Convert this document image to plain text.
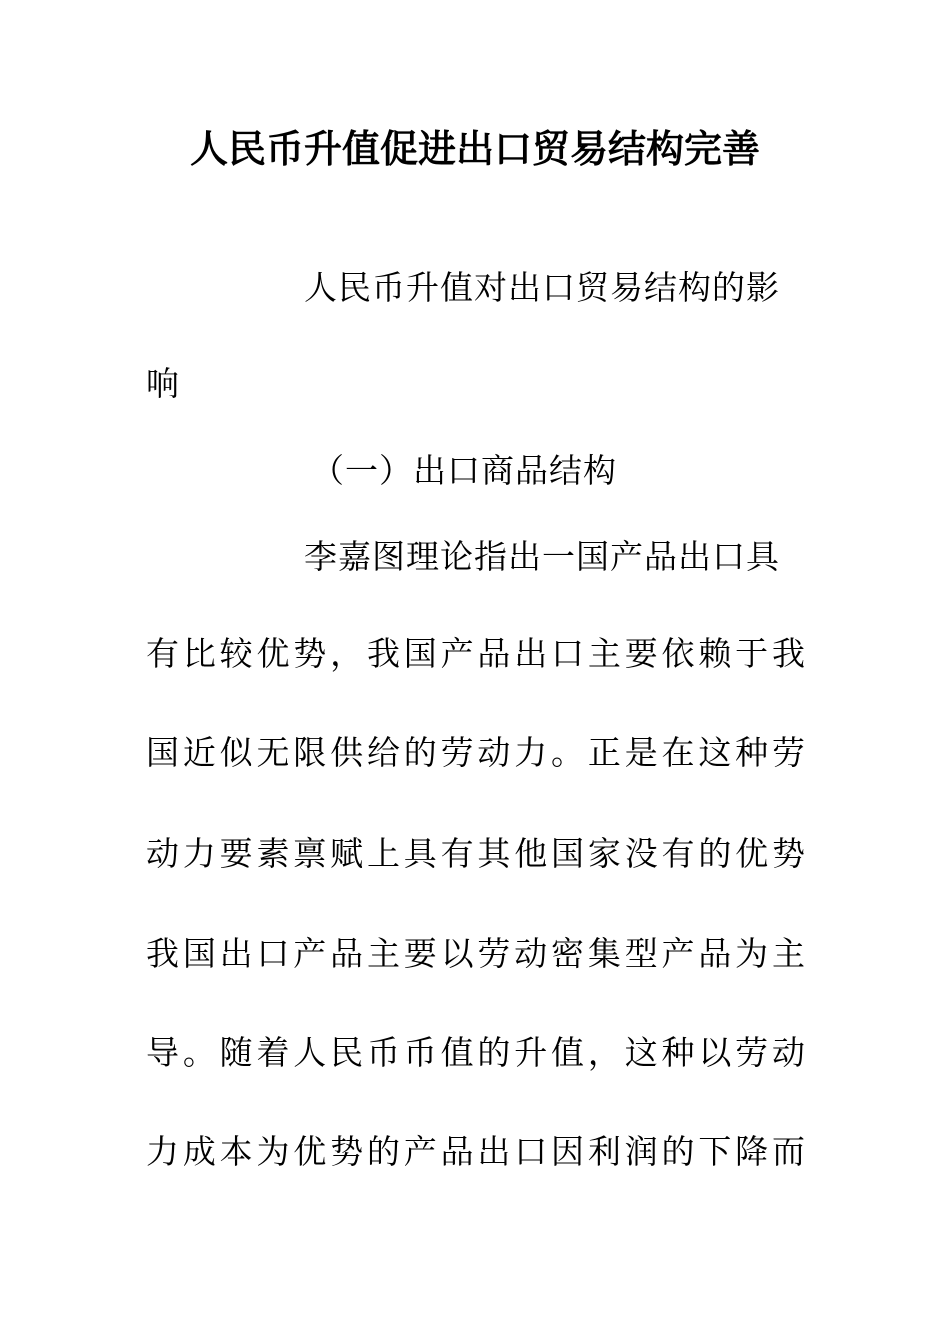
人民币升值促进出口贸易结构完善
人民币升值对出口贸易结构的影
响
（一）出口商品结构
李嘉图理论指出一国产品出口具
有比较优势，我国产品出口主要依赖于我
国近似无限供给的劳动力。正是在这种劳
动力要素禀赋上具有其他国家没有的优势
我国出口产品主要以劳动密集型产品为主
导。随着人民币币值的升值，这种以劳动
力成本为优势的产品出口因利润的下降而
